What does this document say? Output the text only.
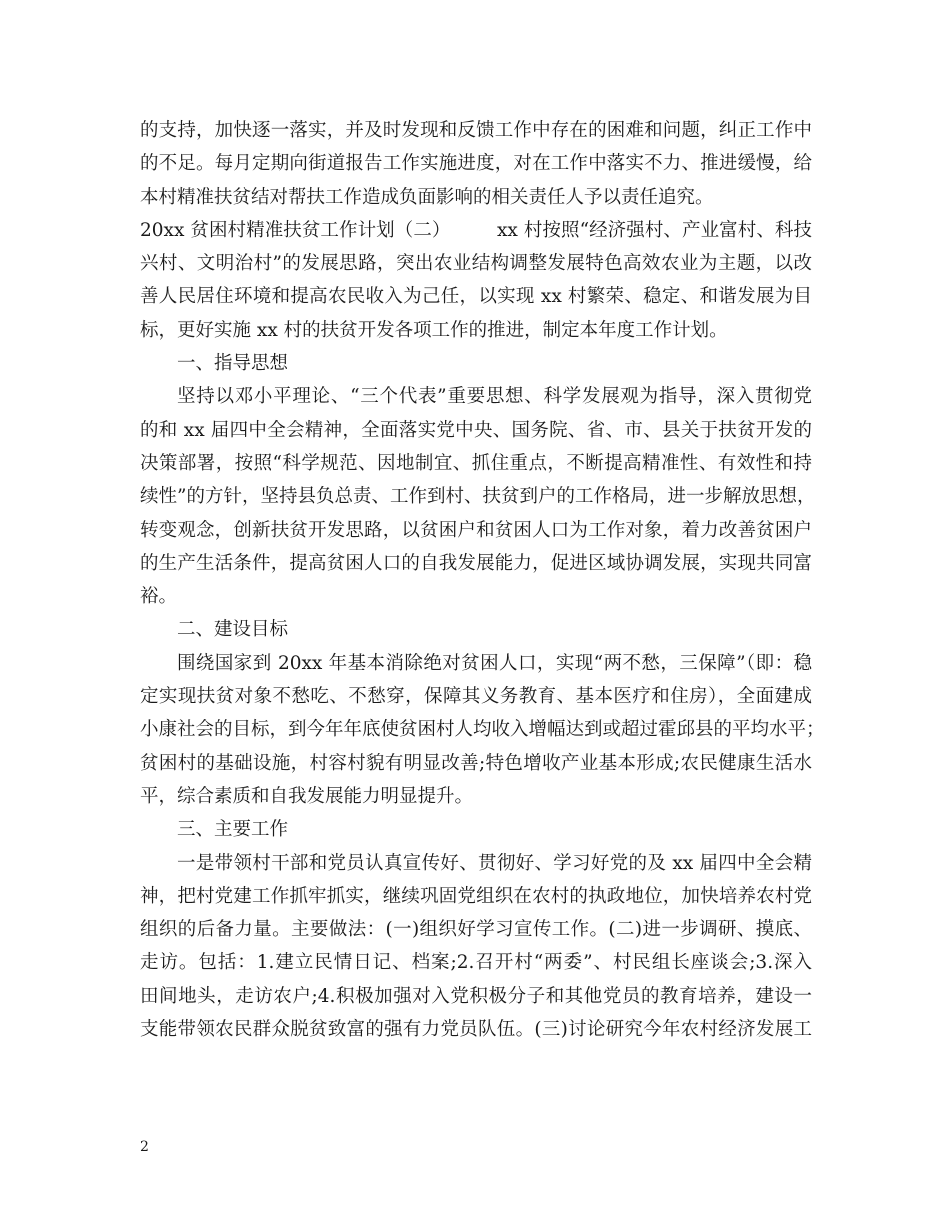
的支持，加快逐一落实，并及时发现和反馈工作中存在的困难和问题，纠正工作中
的不足。每月定期向街道报告工作实施进度，对在工作中落实不力、推进缓慢，给
本村精准扶贫结对帮扶工作造成负面影响的相关责任人予以责任追究。
20xx 贫困村精准扶贫工作计划（二）　　　xx 村按照“经济强村、产业富村、科技
兴村、文明治村”的发展思路，突出农业结构调整发展特色高效农业为主题，以改
善人民居住环境和提高农民收入为己任，以实现 xx 村繁荣、稳定、和谐发展为目
标，更好实施 xx 村的扶贫开发各项工作的推进，制定本年度工作计划。
一、指导思想
坚持以邓小平理论、“三个代表”重要思想、科学发展观为指导，深入贯彻党
的和 xx 届四中全会精神，全面落实党中央、国务院、省、市、县关于扶贫开发的
决策部署，按照“科学规范、因地制宜、抓住重点，不断提高精准性、有效性和持
续性”的方针，坚持县负总责、工作到村、扶贫到户的工作格局，进一步解放思想，
转变观念，创新扶贫开发思路，以贫困户和贫困人口为工作对象，着力改善贫困户
的生产生活条件，提高贫困人口的自我发展能力，促进区域协调发展，实现共同富
裕。
二、建设目标
围绕国家到 20xx 年基本消除绝对贫困人口，实现“两不愁，三保障”（即：稳
定实现扶贫对象不愁吃、不愁穿，保障其义务教育、基本医疗和住房），全面建成
小康社会的目标，到今年年底使贫困村人均收入增幅达到或超过霍邱县的平均水平；
贫困村的基础设施，村容村貌有明显改善;特色增收产业基本形成;农民健康生活水
平，综合素质和自我发展能力明显提升。
三、主要工作
一是带领村干部和党员认真宣传好、贯彻好、学习好党的及 xx 届四中全会精
神，把村党建工作抓牢抓实，继续巩固党组织在农村的执政地位，加快培养农村党
组织的后备力量。主要做法：(一)组织好学习宣传工作。(二)进一步调研、摸底、
走访。包括：1.建立民情日记、档案;2.召开村“两委”、村民组长座谈会;3.深入
田间地头，走访农户;4.积极加强对入党积极分子和其他党员的教育培养，建设一
支能带领农民群众脱贫致富的强有力党员队伍。(三)讨论研究今年农村经济发展工
2
